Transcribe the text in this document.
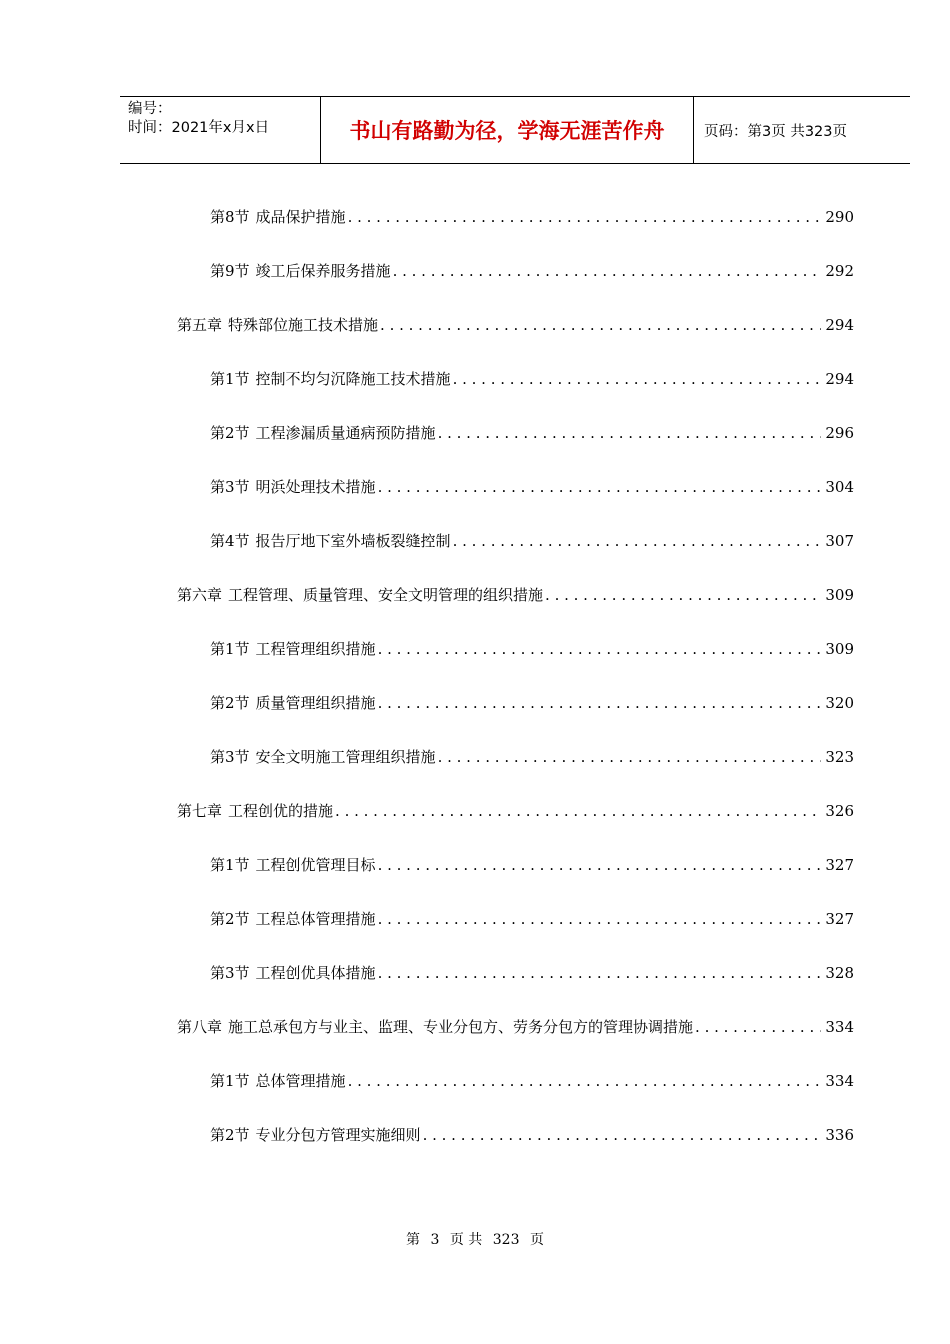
编号：
时间：2021年x月x日	书山有路勤为径，学海无涯苦作舟	页码：第3页 共323页
第8节 成品保护措施 . . .	290
第9节 竣工后保养服务措施 . . .	292
第五章 特殊部位施工技术措施 . . .	294
第1节 控制不均匀沉降施工技术措施 . . .	294
第2节 工程渗漏质量通病预防措施 . . .	296
第3节 明浜处理技术措施 . . .	304
第4节 报告厅地下室外墙板裂缝控制 . . .	307
第六章 工程管理、质量管理、安全文明管理的组织措施 . . .	309
第1节 工程管理组织措施 . . .	309
第2节 质量管理组织措施 . . .	320
第3节 安全文明施工管理组织措施 . . .	323
第七章 工程创优的措施 . . .	326
第1节 工程创优管理目标 . . .	327
第2节 工程总体管理措施 . . .	327
第3节 工程创优具体措施 . . .	328
第八章 施工总承包方与业主、监理、专业分包方、劳务分包方的管理协调措施 . . .	334
第1节 总体管理措施 . . .	334
第2节 专业分包方管理实施细则 . . .	336
第 3 页 共 323 页
